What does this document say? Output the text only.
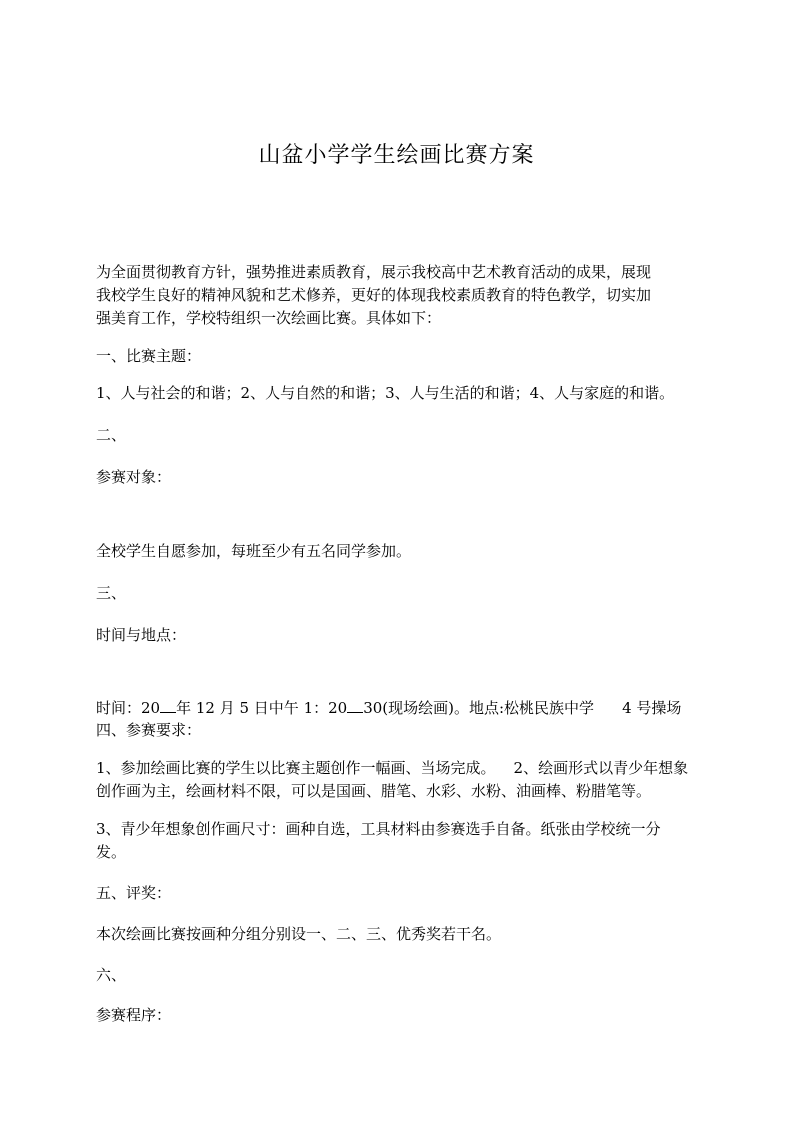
山盆小学学生绘画比赛方案
为全面贯彻教育方针，强势推进素质教育，展示我校高中艺术教育活动的成果，展现
我校学生良好的精神风貌和艺术修养，更好的体现我校素质教育的特色教学，切实加
强美育工作，学校特组织一次绘画比赛。具体如下：
一、比赛主题：
1、人与社会的和谐；2、人与自然的和谐；3、人与生活的和谐；4、人与家庭的和谐。
二、
参赛对象：
全校学生自愿参加，每班至少有五名同学参加。
三、
时间与地点：
时间：20 年 12 月 5 日中午 1：20 30(现场绘画)。地点:松桃民族中学 4 号操场
四、参赛要求：
1、参加绘画比赛的学生以比赛主题创作一幅画、当场完成。 2、绘画形式以青少年想象
创作画为主，绘画材料不限，可以是国画、腊笔、水彩、水粉、油画棒、粉腊笔等。
3、青少年想象创作画尺寸：画种自选，工具材料由参赛选手自备。纸张由学校统一分
发。
五、评奖：
本次绘画比赛按画种分组分别设一、二、三、优秀奖若干名。
六、
参赛程序：
